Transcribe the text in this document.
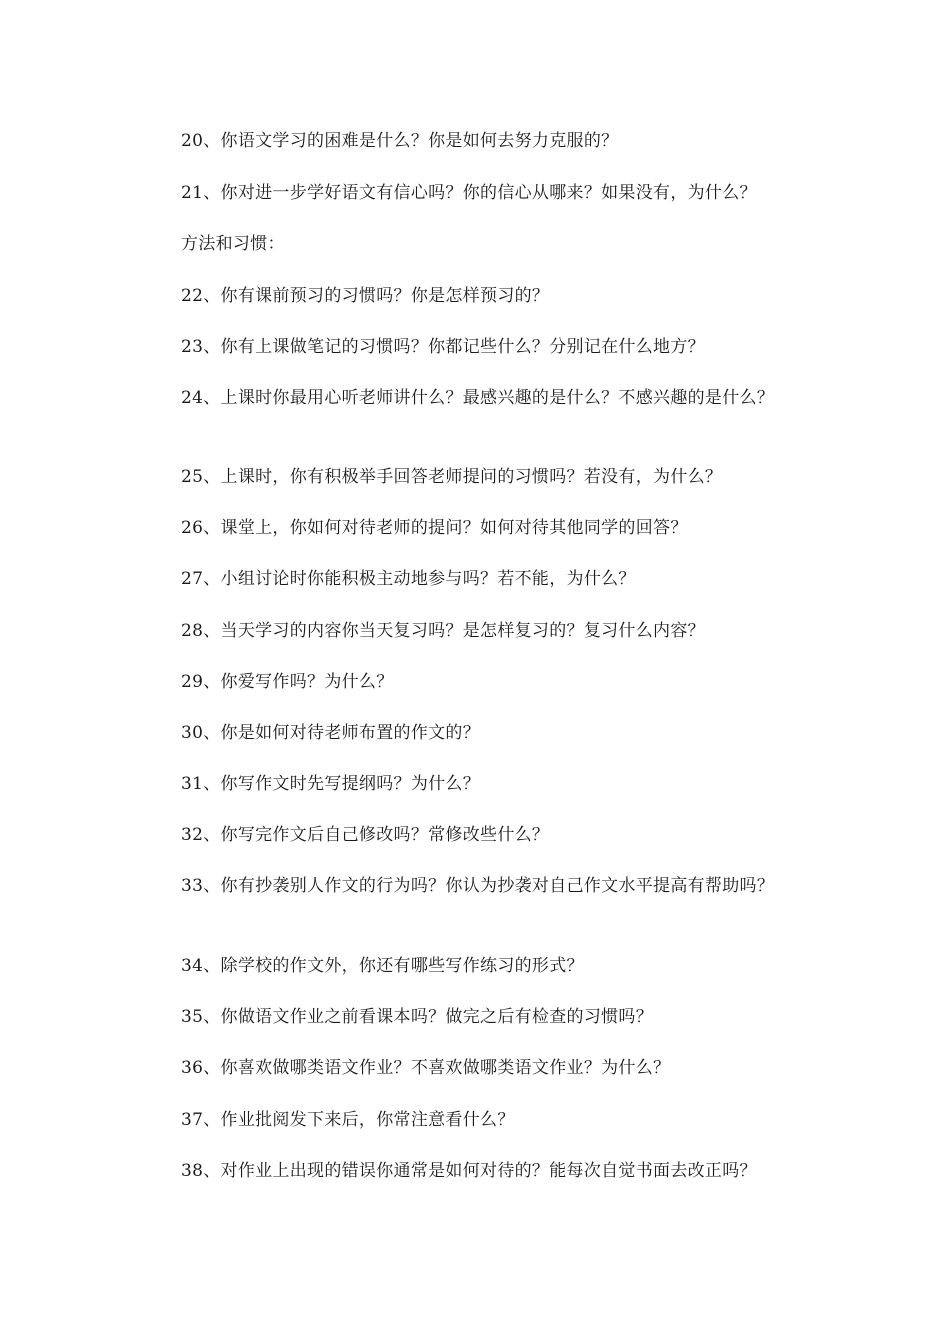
20、你语文学习的困难是什么？你是如何去努力克服的？

21、你对进一步学好语文有信心吗？你的信心从哪来？如果没有，为什么？

方法和习惯：

22、你有课前预习的习惯吗？你是怎样预习的？

23、你有上课做笔记的习惯吗？你都记些什么？分别记在什么地方？

24、上课时你最用心听老师讲什么？最感兴趣的是什么？不感兴趣的是什么？

25、上课时，你有积极举手回答老师提问的习惯吗？若没有，为什么？

26、课堂上，你如何对待老师的提问？如何对待其他同学的回答？

27、小组讨论时你能积极主动地参与吗？若不能，为什么？

28、当天学习的内容你当天复习吗？是怎样复习的？复习什么内容？

29、你爱写作吗？为什么？

30、你是如何对待老师布置的作文的？

31、你写作文时先写提纲吗？为什么？

32、你写完作文后自己修改吗？常修改些什么？

33、你有抄袭别人作文的行为吗？你认为抄袭对自己作文水平提高有帮助吗？

34、除学校的作文外，你还有哪些写作练习的形式？

35、你做语文作业之前看课本吗？做完之后有检查的习惯吗？

36、你喜欢做哪类语文作业？不喜欢做哪类语文作业？为什么？

37、作业批阅发下来后，你常注意看什么？

38、对作业上出现的错误你通常是如何对待的？能每次自觉书面去改正吗？
